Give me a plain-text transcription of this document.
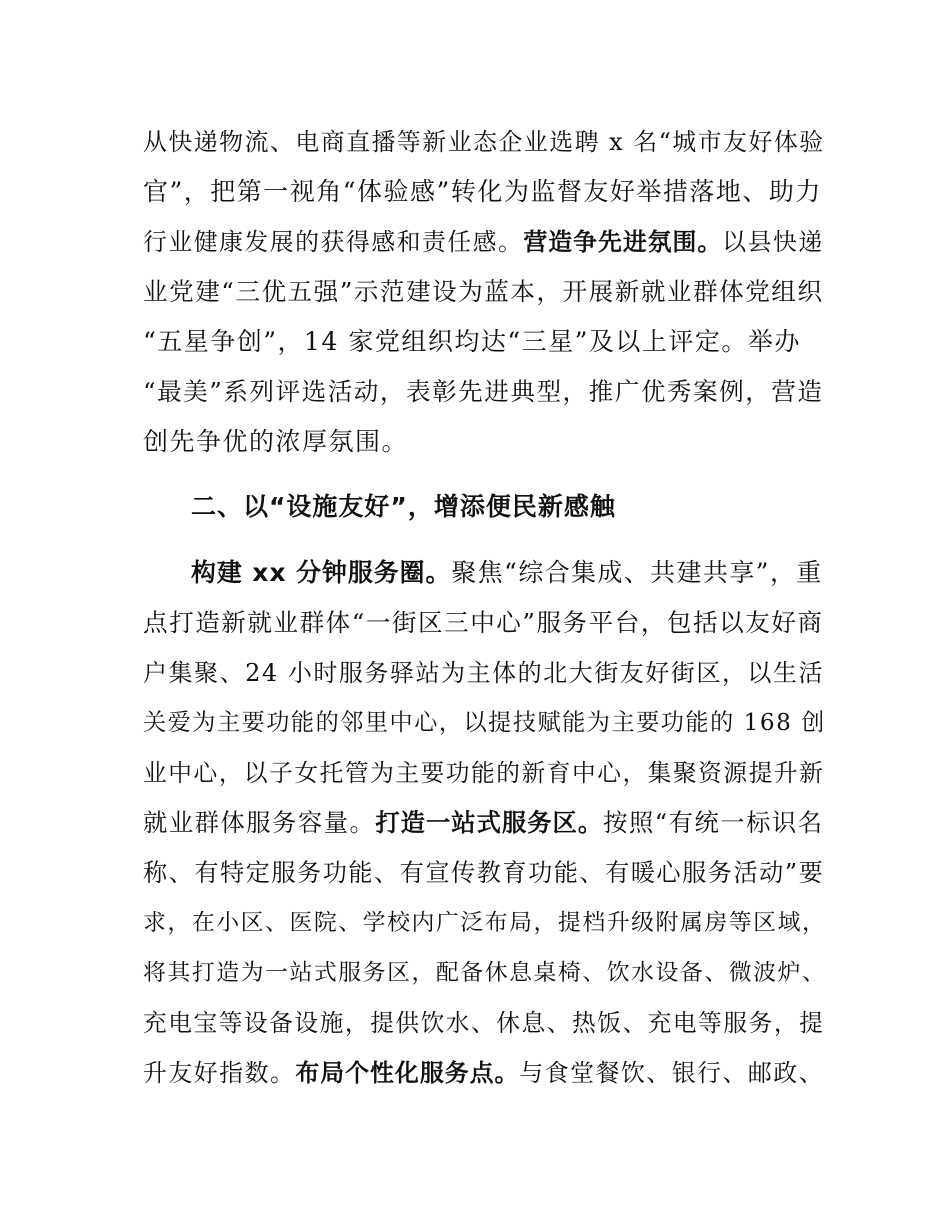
从快递物流、电商直播等新业态企业选聘 x 名“城市友好体验
官”，把第一视角“体验感”转化为监督友好举措落地、助力
行业健康发展的获得感和责任感。营造争先进氛围。以县快递
业党建“三优五强”示范建设为蓝本，开展新就业群体党组织
“五星争创”，14 家党组织均达“三星”及以上评定。举办
“最美”系列评选活动，表彰先进典型，推广优秀案例，营造
创先争优的浓厚氛围。
二、以“设施友好”，增添便民新感触
构建 xx 分钟服务圈。聚焦“综合集成、共建共享”，重
点打造新就业群体“一街区三中心”服务平台，包括以友好商
户集聚、24 小时服务驿站为主体的北大街友好街区，以生活
关爱为主要功能的邻里中心，以提技赋能为主要功能的 168 创
业中心，以子女托管为主要功能的新育中心，集聚资源提升新
就业群体服务容量。打造一站式服务区。按照“有统一标识名
称、有特定服务功能、有宣传教育功能、有暖心服务活动”要
求，在小区、医院、学校内广泛布局，提档升级附属房等区域，
将其打造为一站式服务区，配备休息桌椅、饮水设备、微波炉、
充电宝等设备设施，提供饮水、休息、热饭、充电等服务，提
升友好指数。布局个性化服务点。与食堂餐饮、银行、邮政、
